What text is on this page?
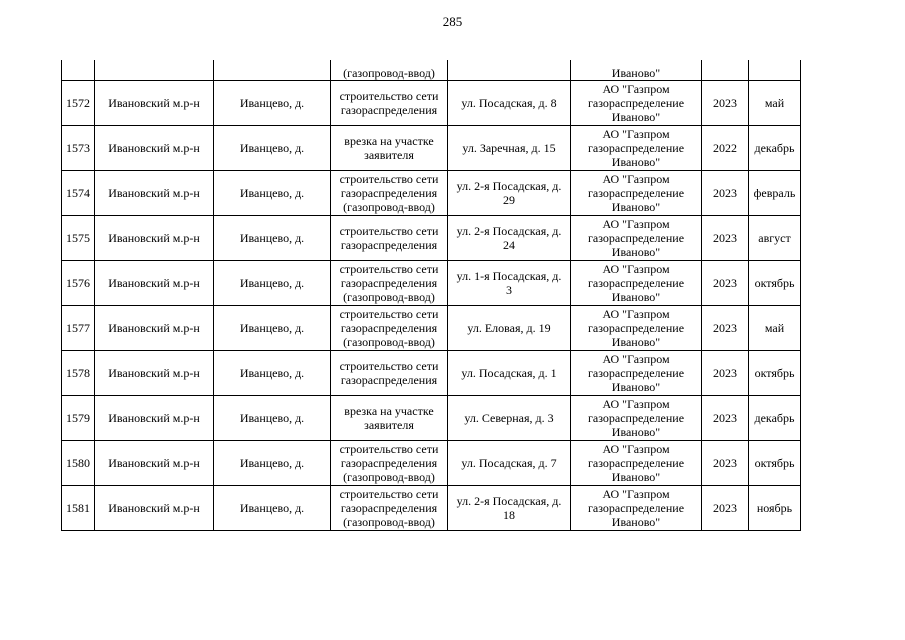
285
			(газопровод-ввод)		Иваново"		
1572	Ивановский м.р-н	Иванцево, д.	строительство сети
газораспределения	ул. Посадская, д. 8	АО "Газпром
газораспределение
Иваново"	2023	май
1573	Ивановский м.р-н	Иванцево, д.	врезка на участке
заявителя	ул. Заречная, д. 15	АО "Газпром
газораспределение
Иваново"	2022	декабрь
1574	Ивановский м.р-н	Иванцево, д.	строительство сети
газораспределения
(газопровод-ввод)	ул. 2-я Посадская, д.
29	АО "Газпром
газораспределение
Иваново"	2023	февраль
1575	Ивановский м.р-н	Иванцево, д.	строительство сети
газораспределения	ул. 2-я Посадская, д.
24	АО "Газпром
газораспределение
Иваново"	2023	август
1576	Ивановский м.р-н	Иванцево, д.	строительство сети
газораспределения
(газопровод-ввод)	ул. 1-я Посадская, д.
3	АО "Газпром
газораспределение
Иваново"	2023	октябрь
1577	Ивановский м.р-н	Иванцево, д.	строительство сети
газораспределения
(газопровод-ввод)	ул. Еловая, д. 19	АО "Газпром
газораспределение
Иваново"	2023	май
1578	Ивановский м.р-н	Иванцево, д.	строительство сети
газораспределения	ул. Посадская, д. 1	АО "Газпром
газораспределение
Иваново"	2023	октябрь
1579	Ивановский м.р-н	Иванцево, д.	врезка на участке
заявителя	ул. Северная, д. 3	АО "Газпром
газораспределение
Иваново"	2023	декабрь
1580	Ивановский м.р-н	Иванцево, д.	строительство сети
газораспределения
(газопровод-ввод)	ул. Посадская, д. 7	АО "Газпром
газораспределение
Иваново"	2023	октябрь
1581	Ивановский м.р-н	Иванцево, д.	строительство сети
газораспределения
(газопровод-ввод)	ул. 2-я Посадская, д.
18	АО "Газпром
газораспределение
Иваново"	2023	ноябрь
